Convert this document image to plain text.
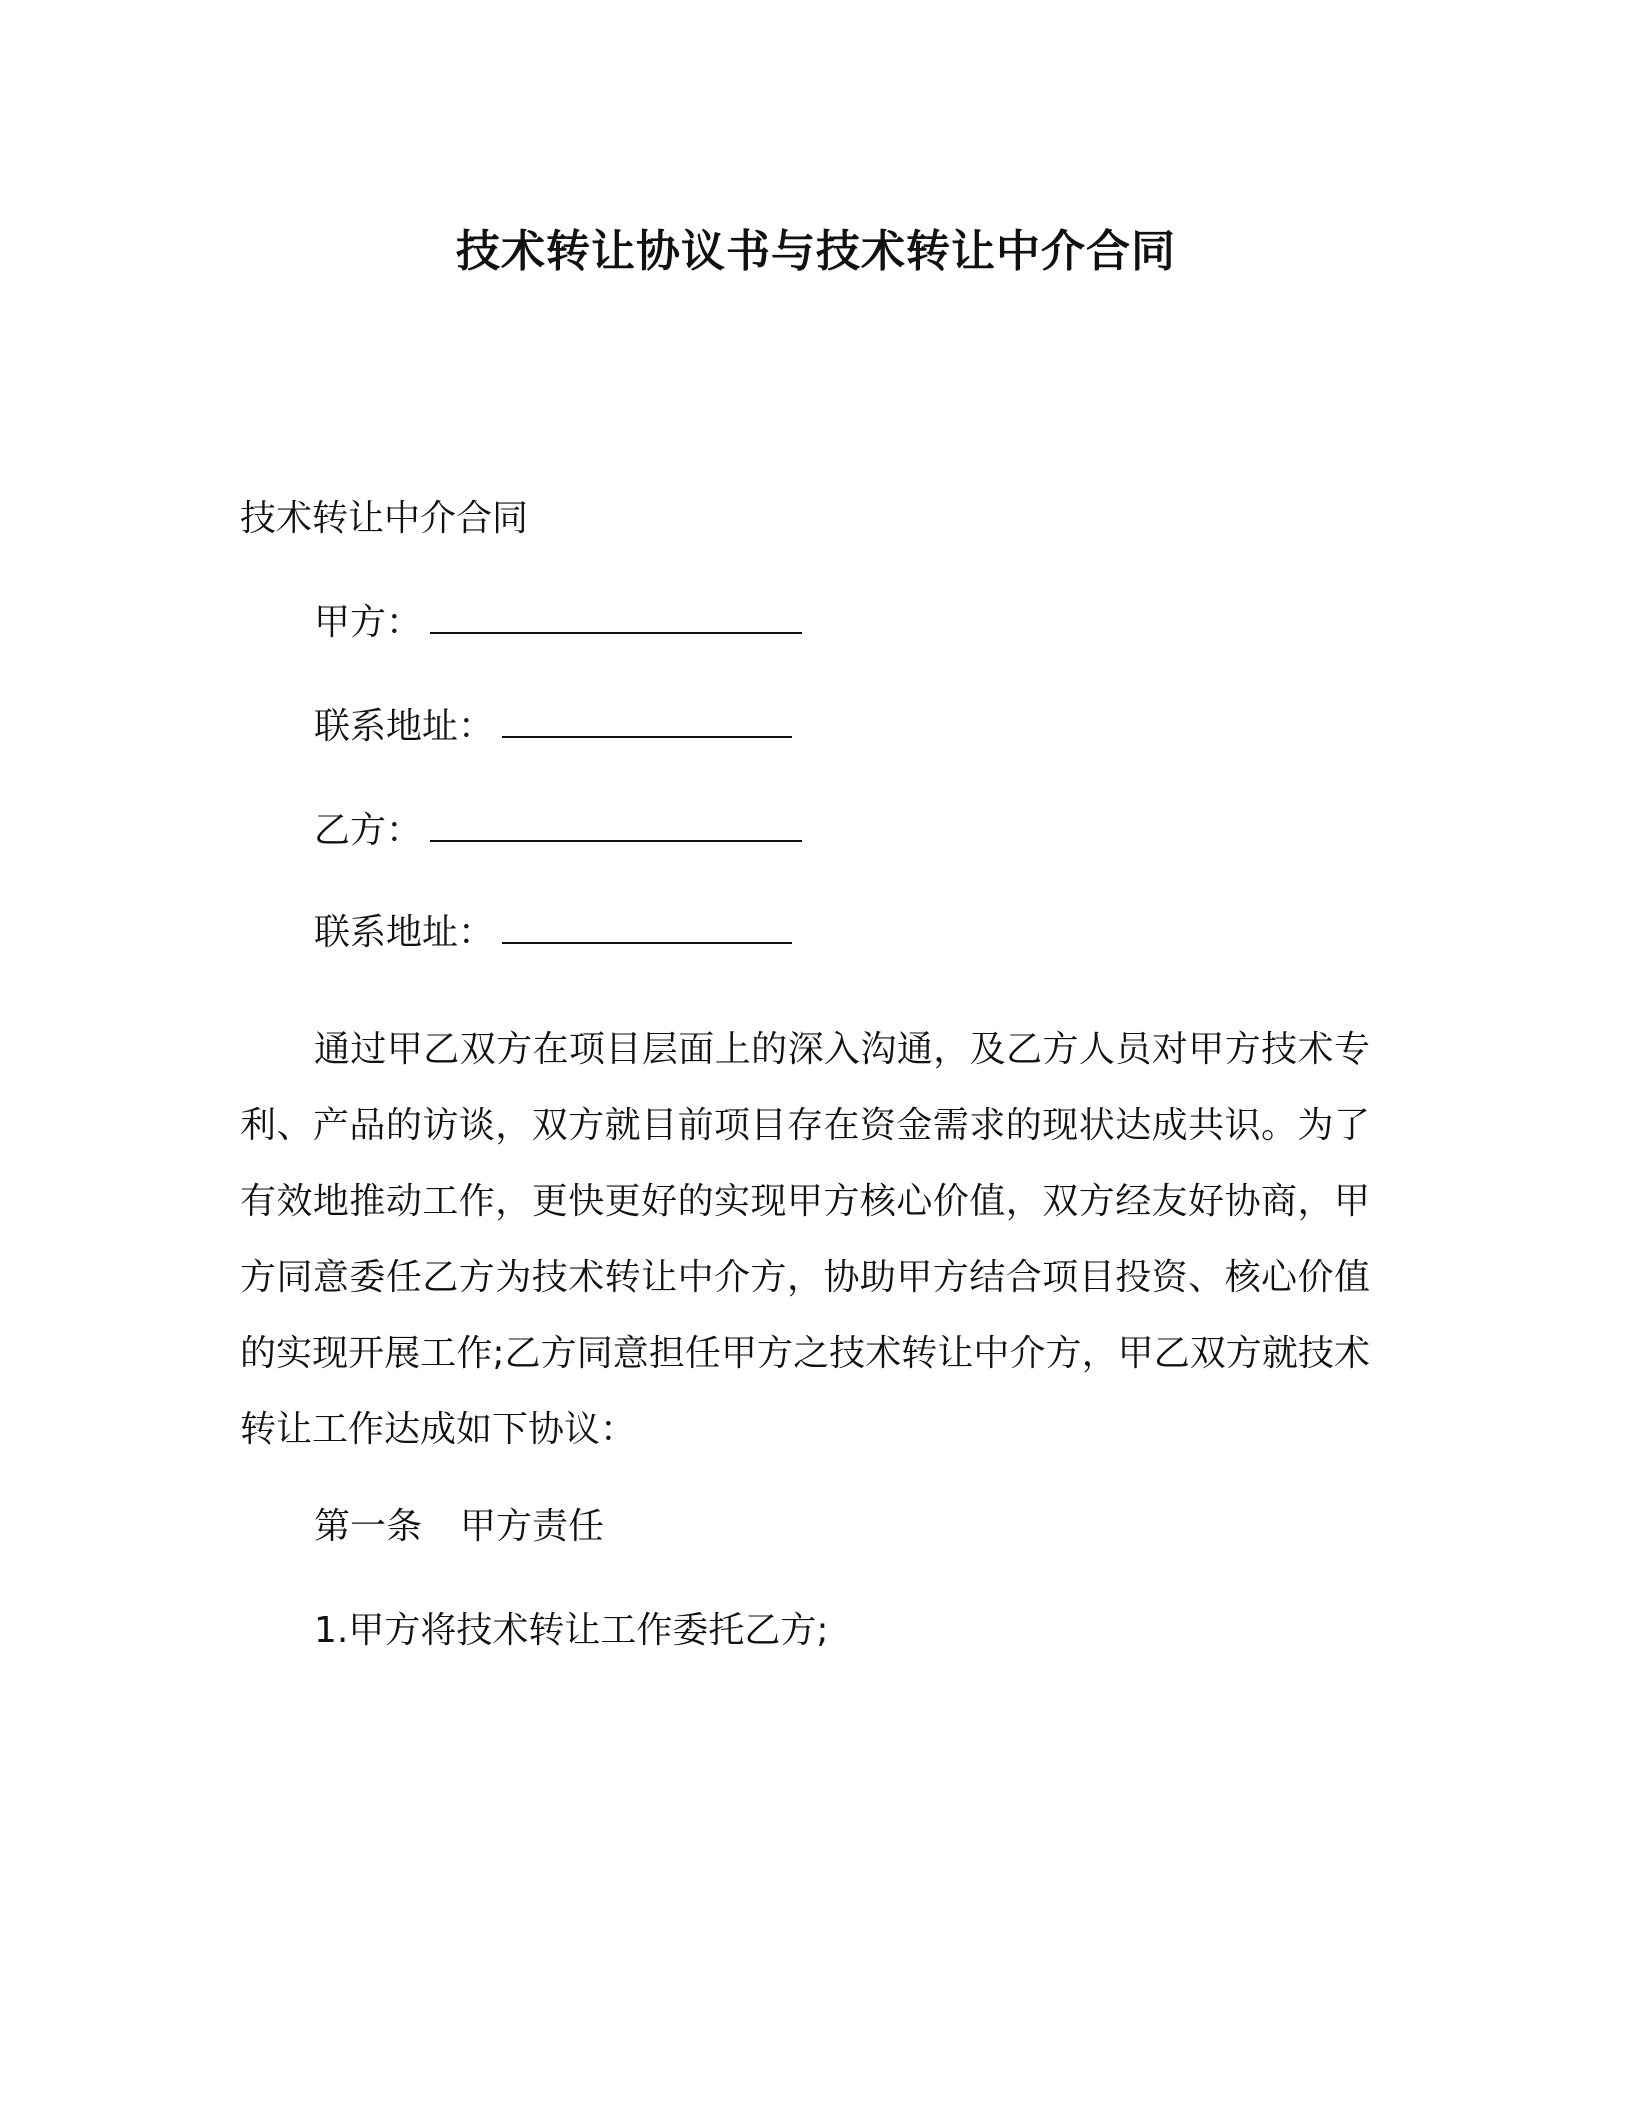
技术转让协议书与技术转让中介合同
技术转让中介合同
甲方：
联系地址：
乙方：
联系地址：
通过甲乙双方在项目层面上的深入沟通，及乙方人员对甲方技术专利、产品的访谈，双方就目前项目存在资金需求的现状达成共识。为了有效地推动工作，更快更好的实现甲方核心价值，双方经友好协商，甲方同意委任乙方为技术转让中介方，协助甲方结合项目投资、核心价值的实现开展工作;乙方同意担任甲方之技术转让中介方，甲乙双方就技术转让工作达成如下协议：
第一条 甲方责任
1.甲方将技术转让工作委托乙方;
